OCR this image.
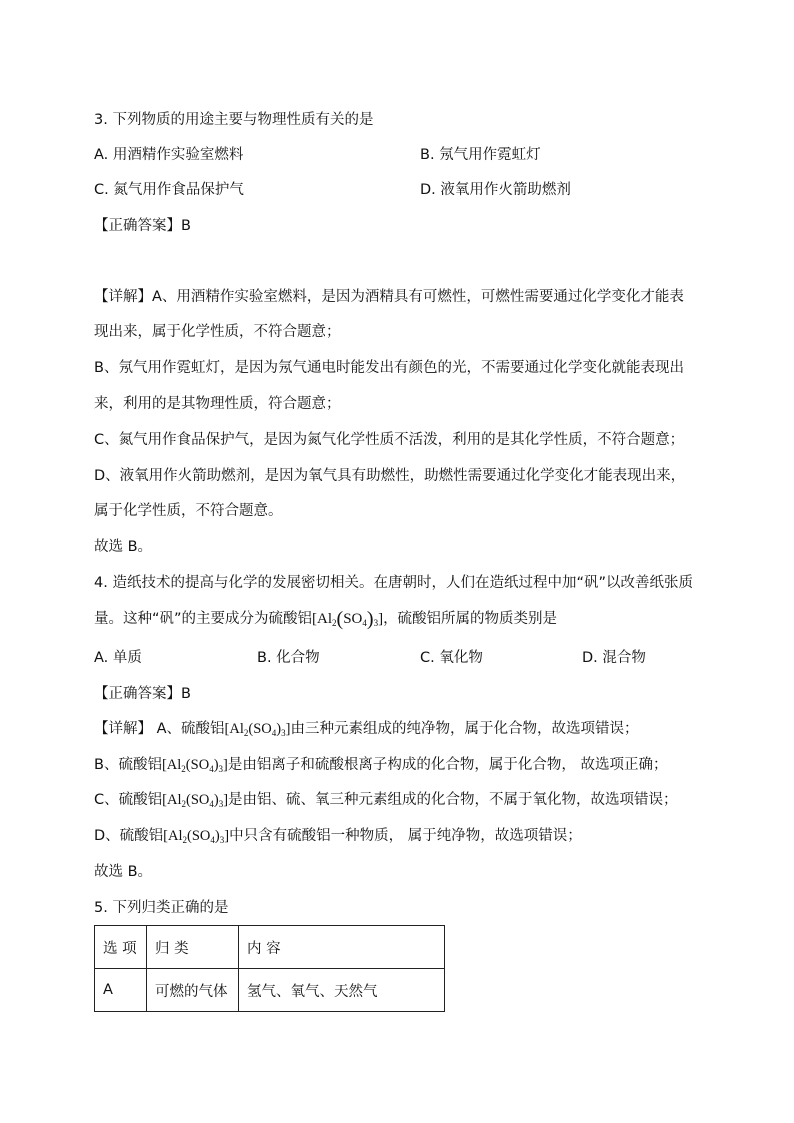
3. 下列物质的用途主要与物理性质有关的是
A. 用酒精作实验室燃料	B. 氖气用作霓虹灯
C. 氮气用作食品保护气	D. 液氧用作火箭助燃剂
【正确答案】B
【详解】A、用酒精作实验室燃料，是因为酒精具有可燃性，可燃性需要通过化学变化才能表
现出来，属于化学性质，不符合题意；
B、氖气用作霓虹灯，是因为氖气通电时能发出有颜色的光，不需要通过化学变化就能表现出
来，利用的是其物理性质，符合题意；
C、氮气用作食品保护气，是因为氮气化学性质不活泼，利用的是其化学性质，不符合题意；
D、液氧用作火箭助燃剂，是因为氧气具有助燃性，助燃性需要通过化学变化才能表现出来，
属于化学性质，不符合题意。
故选 B。
4. 造纸技术的提高与化学的发展密切相关。在唐朝时，人们在造纸过程中加“矾”以改善纸张质
量。这种“矾”的主要成分为硫酸铝$[Al_2(SO_4)_3]$，硫酸铝所属的物质类别是
A. 单质	B. 化合物	C. 氧化物	D. 混合物
【正确答案】B
【详解】 A、硫酸铝$[Al_2(SO_4)_3]$由三种元素组成的纯净物，属于化合物，故选项错误；
B、硫酸铝$[Al_2(SO_4)_3]$是由铝离子和硫酸根离子构成的化合物，属于化合物， 故选项正确；
C、硫酸铝$[Al_2(SO_4)_3]$是由铝、硫、氧三种元素组成的化合物，不属于氧化物，故选项错误；
D、硫酸铝$[Al_2(SO_4)_3]$中只含有硫酸铝一种物质， 属于纯净物，故选项错误；
故选 B。
5. 下列归类正确的是
选 项	归 类	内 容
A	可燃的气体	氢气、氧气、天然气
